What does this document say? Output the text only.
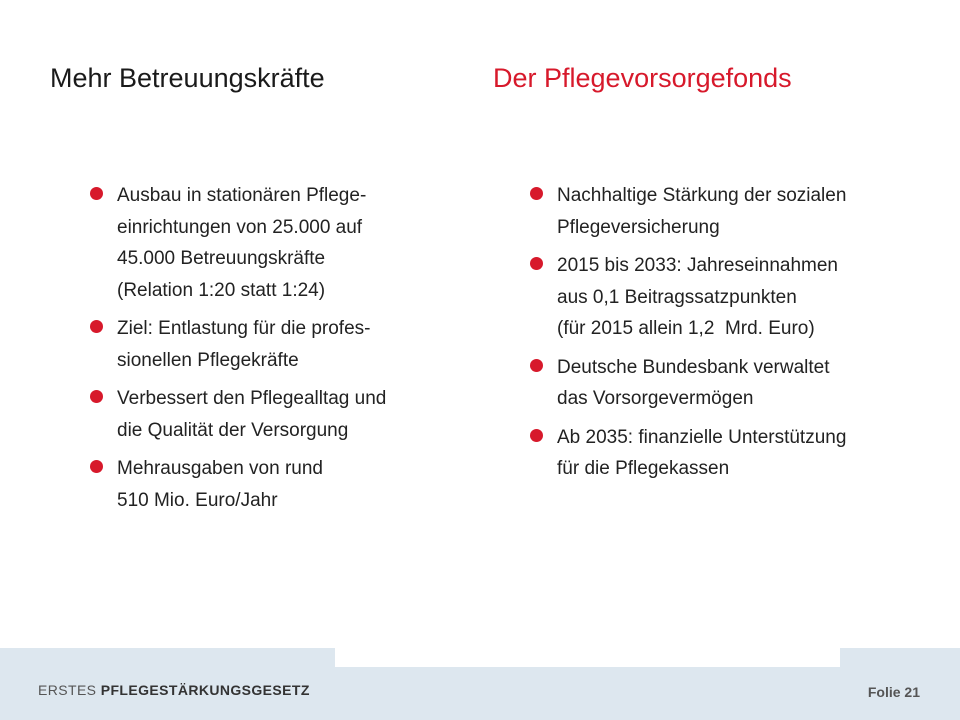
Mehr Betreuungskräfte	Der Pflegevorsorgefonds
Ausbau in stationären Pflege-
einrichtungen von 25.000 auf
45.000 Betreuungskräfte
(Relation 1:20 statt 1:24)
Ziel: Entlastung für die profes-
sionellen Pflegekräfte
Verbessert den Pflegealltag und
die Qualität der Versorgung
Mehrausgaben von rund
510 Mio. Euro/Jahr
Nachhaltige Stärkung der sozialen
Pflegeversicherung
2015 bis 2033: Jahreseinnahmen
aus 0,1 Beitragssatzpunkten
(für 2015 allein 1,2  Mrd. Euro)
Deutsche Bundesbank verwaltet
das Vorsorgevermögen
Ab 2035: finanzielle Unterstützung
für die Pflegekassen
ERSTES PFLEGESTÄRKUNGSGESETZ	Folie 21
